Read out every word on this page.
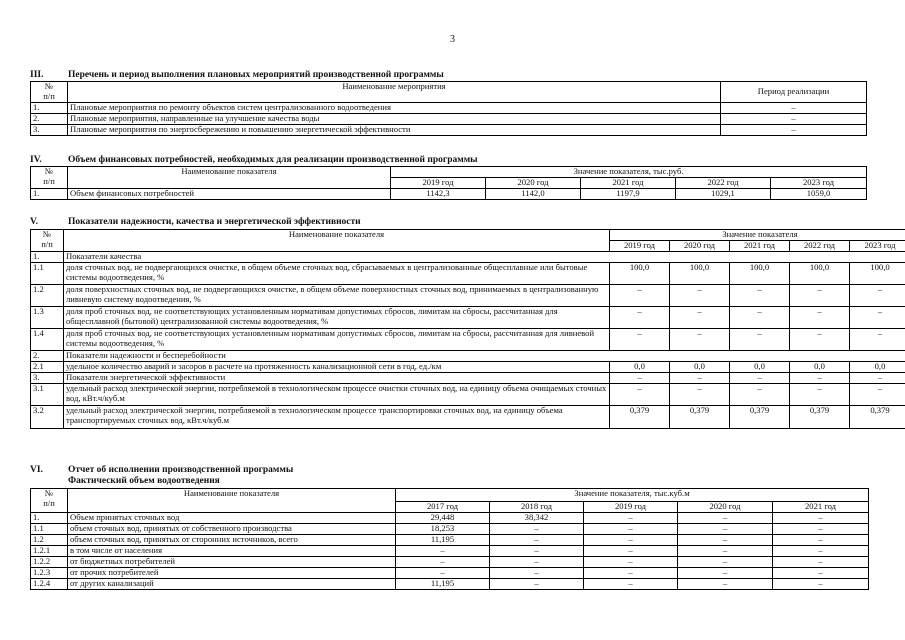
3
III.	Перечень и период выполнения плановых мероприятий производственной программы
№
п/п	Наименование мероприятия	Период реализации
1.	Плановые мероприятия по ремонту объектов систем централизованного водоотведения	–
2.	Плановые мероприятия, направленные на улучшение качества воды	–
3.	Плановые мероприятия по энергосбережению и повышению энергетической эффективности	–
IV.	Объем финансовых потребностей, необходимых для реализации производственной программы
№
п/п	Наименование показателя	Значение показателя, тыс.руб.				
		2019 год	2020 год	2021 год	2022 год	2023 год
1.	Объем финансовых потребностей	1142,3	1142,0	1197,9	1029,1	1059,0
V.	Показатели надежности, качества и энергетической эффективности
№
п/п	Наименование показателя	Значение показателя				
		2019 год	2020 год	2021 год	2022 год	2023 год
1.	Показатели качества					
1.1	доля сточных вод, не подвергающихся очистке, в общем объеме сточных вод, сбрасываемых в централизованные общесплавные или бытовые системы водоотведения, %	100,0	100,0	100,0	100,0	100,0
1.2	доля поверхностных сточных вод, не подвергающихся очистке, в общем объеме поверхностных сточных вод, принимаемых в централизованную ливневую систему водоотведения, %	–	–	–	–	–
1.3	доля проб сточных вод, не соответствующих установленным нормативам допустимых сбросов, лимитам на сбросы, рассчитанная для общесплавной (бытовой) централизованной системы водоотведения, %	–	–	–	–	–
1.4	доля проб сточных вод, не соответствующих установленным нормативам допустимых сбросов, лимитам на сбросы, рассчитанная для ливневой системы водоотведения, %	–	–	–	–	–
2.	Показатели надежности и бесперебойности					
2.1	удельное количество аварий и засоров в расчете на протяженность канализационной сети в год, ед./км	0,0	0,0	0,0	0,0	0,0
3.	Показатели энергетической эффективности	–	–	–	–	–
3.1	удельный расход электрической энергии, потребляемой в технологическом процессе очистки сточных вод, на единицу объема очищаемых сточных вод, кВт.ч/куб.м	–	–	–	–	–
3.2	удельный расход электрической энергии, потребляемой в технологическом процессе транспортировки сточных вод, на единицу объема транспортируемых сточных вод, кВт.ч/куб.м	0,379	0,379	0,379	0,379	0,379
VI.	Отчет об исполнении производственной программы
Фактический объем водоотведения
№
п/п	Наименование показателя	Значение показателя, тыс.куб.м				
		2017 год	2018 год	2019 год	2020 год	2021 год
1.	Объем принятых сточных вод	29,448	38,342	–	–	–
1.1	объем сточных вод, принятых от собственного производства	18,253	–	–	–	–
1.2	объем сточных вод, принятых от сторонних источников, всего	11,195	–	–	–	–
1.2.1	в том числе от населения	–	–	–	–	–
1.2.2	от бюджетных потребителей	–	–	–	–	–
1.2.3	от прочих потребителей	–	–	–	–	–
1.2.4	от других канализаций	11,195	–	–	–	–
